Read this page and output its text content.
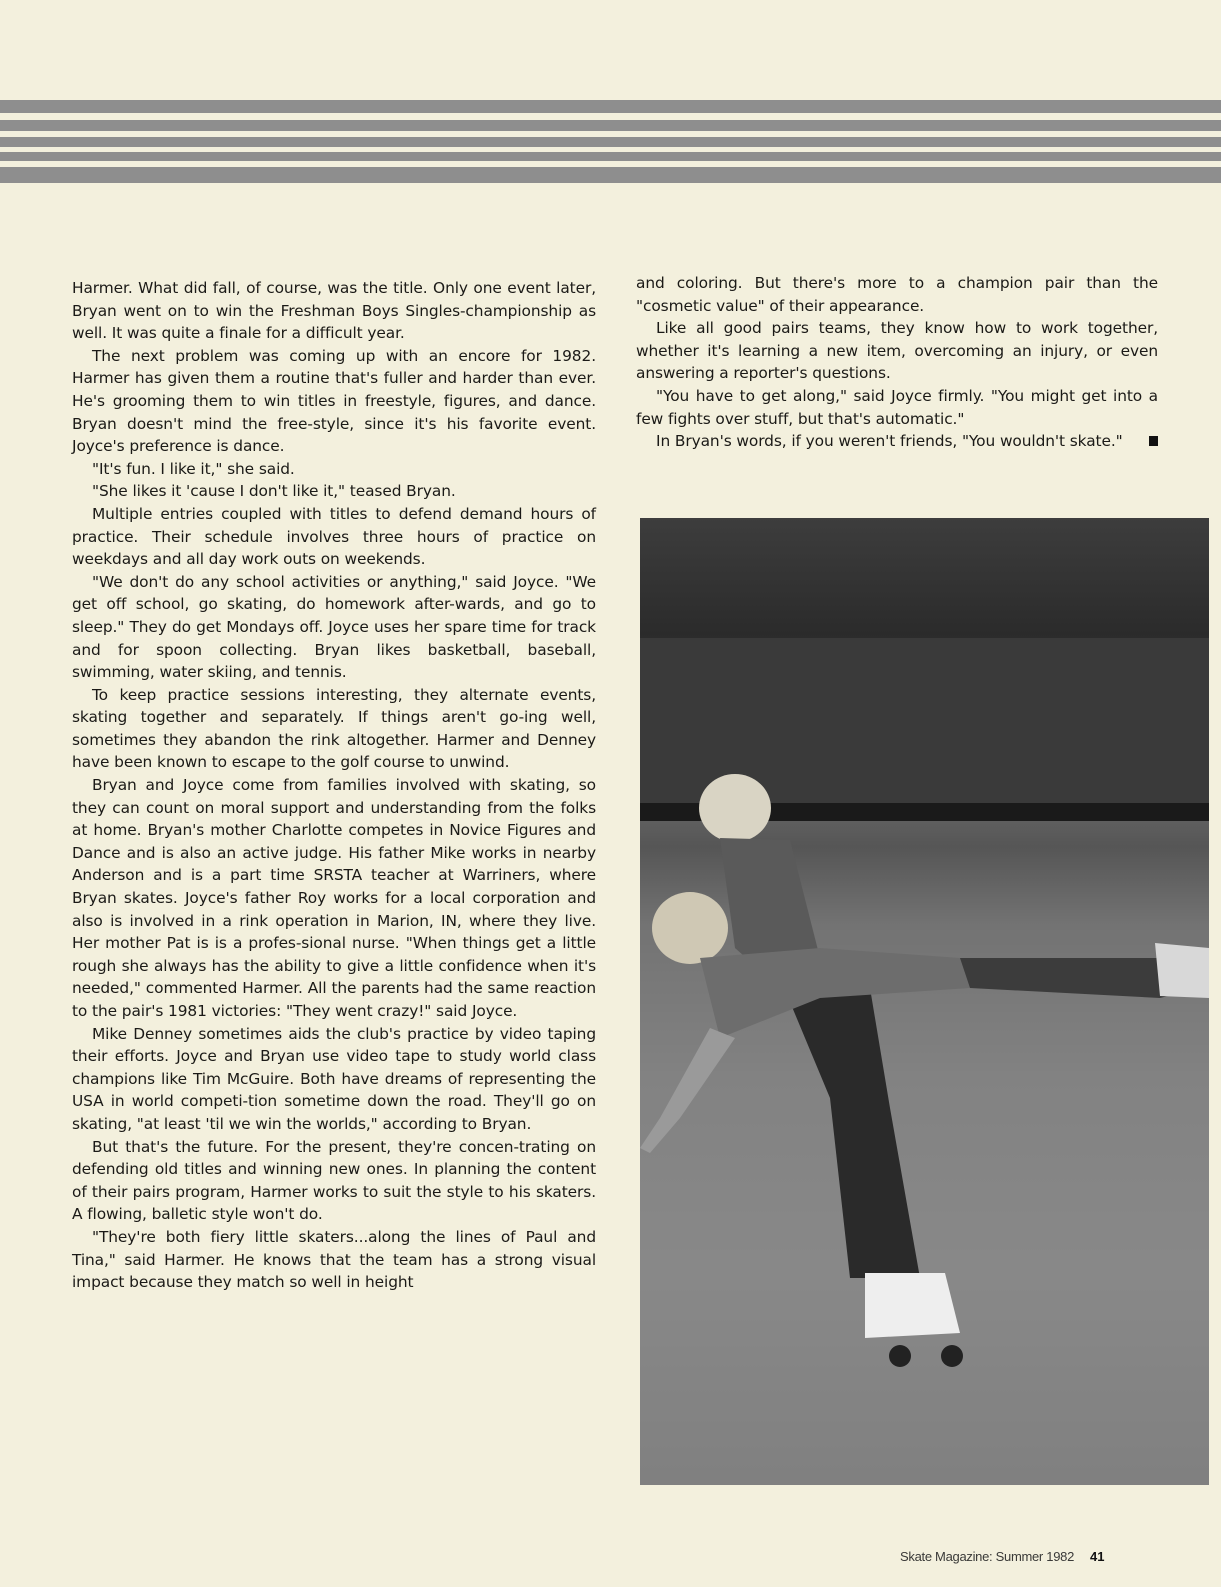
Harmer. What did fall, of course, was the title. Only one event later, Bryan went on to win the Freshman Boys Singles-championship as well. It was quite a finale for a difficult year.

The next problem was coming up with an encore for 1982. Harmer has given them a routine that's fuller and harder than ever. He's grooming them to win titles in freestyle, figures, and dance. Bryan doesn't mind the free-style, since it's his favorite event. Joyce's preference is dance.

"It's fun. I like it," she said.

"She likes it 'cause I don't like it," teased Bryan.

Multiple entries coupled with titles to defend demand hours of practice. Their schedule involves three hours of practice on weekdays and all day work outs on weekends.

"We don't do any school activities or anything," said Joyce. "We get off school, go skating, do homework after-wards, and go to sleep." They do get Mondays off. Joyce uses her spare time for track and for spoon collecting. Bryan likes basketball, baseball, swimming, water skiing, and tennis.

To keep practice sessions interesting, they alternate events, skating together and separately. If things aren't go-ing well, sometimes they abandon the rink altogether. Harmer and Denney have been known to escape to the golf course to unwind.

Bryan and Joyce come from families involved with skating, so they can count on moral support and understanding from the folks at home. Bryan's mother Charlotte competes in Novice Figures and Dance and is also an active judge. His father Mike works in nearby Anderson and is a part time SRSTA teacher at Warriners, where Bryan skates. Joyce's father Roy works for a local corporation and also is involved in a rink operation in Marion, IN, where they live. Her mother Pat is is a profes-sional nurse. "When things get a little rough she always has the ability to give a little confidence when it's needed," commented Harmer. All the parents had the same reaction to the pair's 1981 victories: "They went crazy!" said Joyce.

Mike Denney sometimes aids the club's practice by video taping their efforts. Joyce and Bryan use video tape to study world class champions like Tim McGuire. Both have dreams of representing the USA in world competi-tion sometime down the road. They'll go on skating, "at least 'til we win the worlds," according to Bryan.

But that's the future. For the present, they're concen-trating on defending old titles and winning new ones. In planning the content of their pairs program, Harmer works to suit the style to his skaters. A flowing, balletic style won't do.

"They're both fiery little skaters...along the lines of Paul and Tina," said Harmer. He knows that the team has a strong visual impact because they match so well in height

and coloring. But there's more to a champion pair than the "cosmetic value" of their appearance.

Like all good pairs teams, they know how to work together, whether it's learning a new item, overcoming an injury, or even answering a reporter's questions.

"You have to get along," said Joyce firmly. "You might get into a few fights over stuff, but that's automatic."

In Bryan's words, if you weren't friends, "You wouldn't skate."

Skate Magazine: Summer 1982 41
